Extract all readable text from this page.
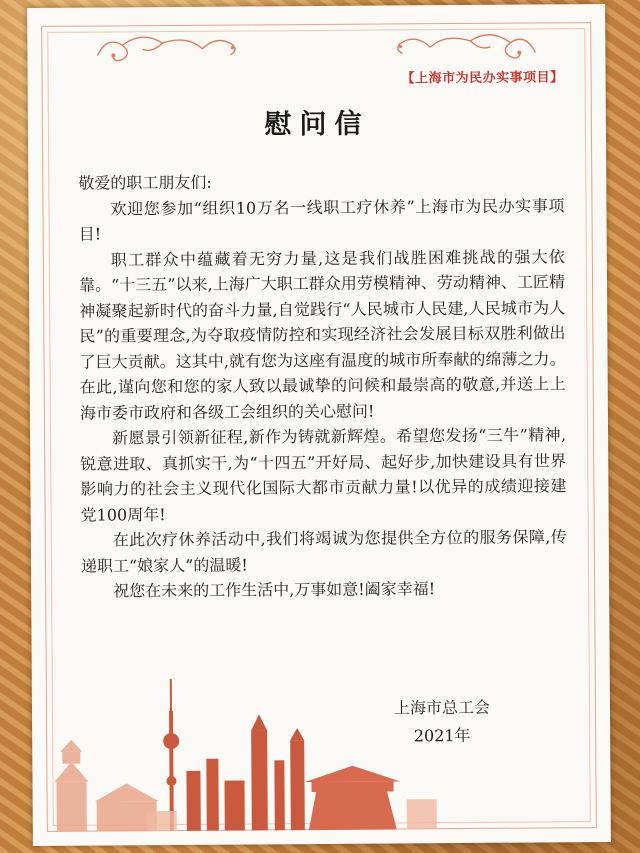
【上海市为民办实事项目】
慰问信

敬爱的职工朋友们:

欢迎您参加“组织10万名一线职工疗休养”上海市为民办实事项目!

职工群众中蕴藏着无穷力量,这是我们战胜困难挑战的强大依靠。“十三五”以来,上海广大职工群众用劳模精神、劳动精神、工匠精神凝聚起新时代的奋斗力量,自觉践行“人民城市人民建,人民城市为人民”的重要理念,为夺取疫情防控和实现经济社会发展目标双胜利做出了巨大贡献。这其中,就有您为这座有温度的城市所奉献的绵薄之力。在此,谨向您和您的家人致以最诚挚的问候和最崇高的敬意,并送上上海市委市政府和各级工会组织的关心慰问!

新愿景引领新征程,新作为铸就新辉煌。希望您发扬“三牛”精神,锐意进取、真抓实干,为“十四五”开好局、起好步,加快建设具有世界影响力的社会主义现代化国际大都市贡献力量!以优异的成绩迎接建党100周年!

在此次疗休养活动中,我们将竭诚为您提供全方位的服务保障,传递职工“娘家人”的温暖!

祝您在未来的工作生活中,万事如意!阖家幸福!

上海市总工会
2021年
